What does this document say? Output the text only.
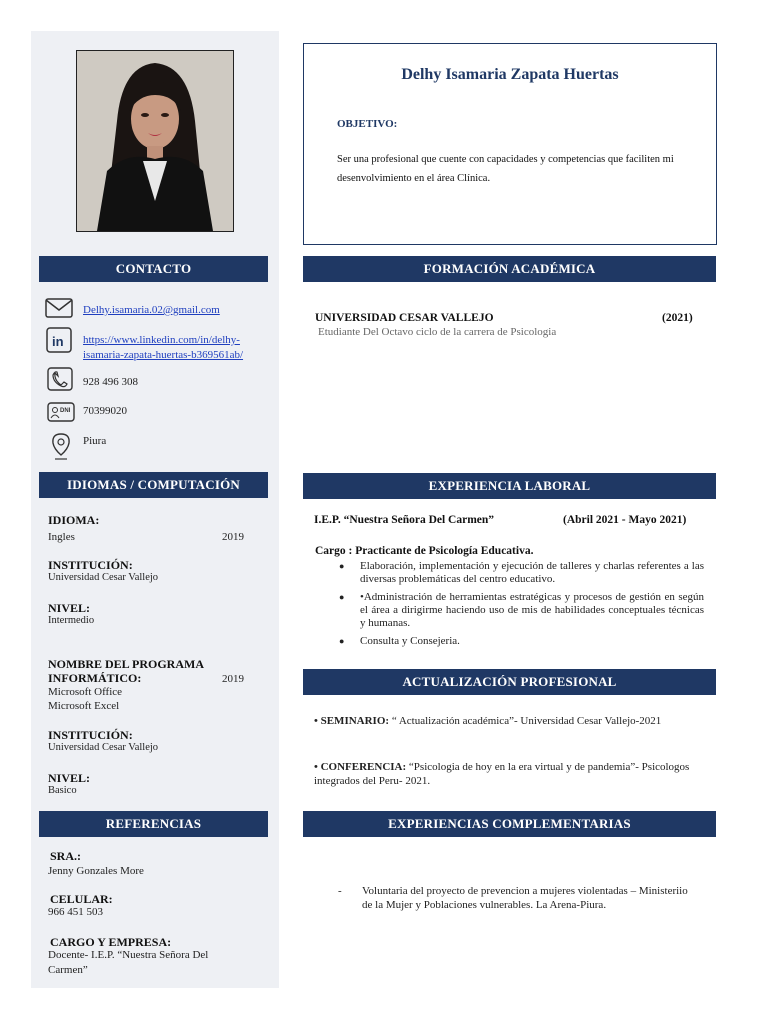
CONTACTO
Delhy.isamaria.02@gmail.com
in https://www.linkedin.com/in/delhy-
isamaria-zapata-huertas-b369561ab/
928 496 308
DNI 70399020
Piura
IDIOMAS / COMPUTACIÓN
IDIOMA:
Ingles	2019
INSTITUCIÓN:
Universidad Cesar Vallejo
NIVEL:
Intermedio
NOMBRE DEL PROGRAMA
INFORMÁTICO:	2019
Microsoft Office
Microsoft Excel
INSTITUCIÓN:
Universidad Cesar Vallejo
NIVEL:
Basico
REFERENCIAS
SRA.:
Jenny Gonzales More
CELULAR:
966 451 503
CARGO Y EMPRESA:
Docente- I.E.P. “Nuestra Señora Del
Carmen”
Delhy Isamaria Zapata Huertas
OBJETIVO:
Ser una profesional que cuente con capacidades y competencias que faciliten mi desenvolvimiento en el área Clínica.
FORMACIÓN ACADÉMICA
UNIVERSIDAD CESAR VALLEJO	(2021)
Etudiante Del Octavo ciclo de la carrera de Psicologia
EXPERIENCIA LABORAL
I.E.P. “Nuestra Señora Del Carmen”	(Abril 2021 - Mayo 2021)
Cargo : Practicante de Psicología Educativa.
● Elaboración, implementación y ejecución de talleres y charlas referentes a las diversas problemáticas del centro educativo.
● •Administración de herramientas estratégicas y procesos de gestión en según el área a dirigirme haciendo uso de mis de habilidades conceptuales técnicas y humanas.
● Consulta y Consejeria.
ACTUALIZACIÓN PROFESIONAL
• SEMINARIO: “ Actualización académica”- Universidad Cesar Vallejo-2021
• CONFERENCIA: “Psicologia de hoy en la era virtual y de pandemia”- Psicologos integrados del Peru- 2021.
EXPERIENCIAS COMPLEMENTARIAS
- Voluntaria del proyecto de prevencion a mujeres violentadas – Ministeriio de la Mujer y Poblaciones vulnerables. La Arena-Piura.
